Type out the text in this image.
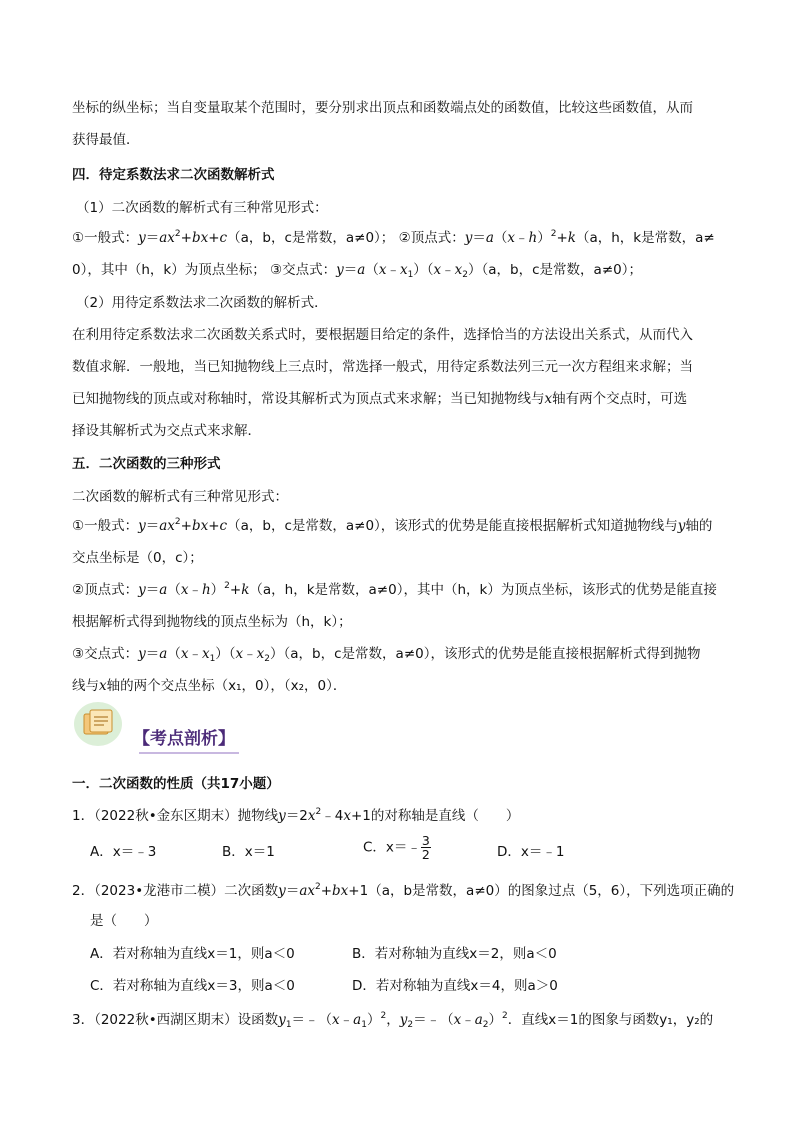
坐标的纵坐标；当自变量取某个范围时，要分别求出顶点和函数端点处的函数值，比较这些函数值，从而
获得最值．
四．待定系数法求二次函数解析式
（1）二次函数的解析式有三种常见形式：
①一般式：$y=ax^2+bx+c(a$，b，c是常数，a≠0）； ②顶点式：y＝a（x﹣h）$^2$+k（a，h，k是常数，a≠
0），其中（h，k）为顶点坐标； ③交点式：$y=a(x﹣x_1)(x﹣x_2)(a$，b，c是常数，a≠0）；
（2）用待定系数法求二次函数的解析式．
在利用待定系数法求二次函数关系式时，要根据题目给定的条件，选择恰当的方法设出关系式，从而代入
数值求解．一般地，当已知抛物线上三点时，常选择一般式，用待定系数法列三元一次方程组来求解；当
已知抛物线的顶点或对称轴时，常设其解析式为顶点式来求解；当已知抛物线与x轴有两个交点时，可选
择设其解析式为交点式来求解．
五．二次函数的三种形式
二次函数的解析式有三种常见形式：
①一般式：$y=ax^2+bx+c(a$，b，c是常数，a≠0），该形式的优势是能直接根据解析式知道抛物线与y轴的
交点坐标是（0，c）；
②顶点式：y＝a（x﹣h）$^2$+k（a，h，k是常数，a≠0），其中（h，k）为顶点坐标，该形式的优势是能直接
根据解析式得到抛物线的顶点坐标为（h，k）；
③交点式：$y=a(x﹣x_1)(x﹣x_2)(a$，b，c是常数，a≠0），该形式的优势是能直接根据解析式得到抛物
线与x轴的两个交点坐标（x₁，0），（x₂，0）．
【考点剖析】
一．二次函数的性质（共17小题）
1．（2022秋•金东区期末）抛物线$y=2x^2﹣4x+1$的对称轴是直线（　　）
A．x＝﹣3	B．x＝1	C．x＝﹣ $\frac{3}{2}$	D．x＝﹣1
2．（2023•龙港市二模）二次函数$y=ax^2+bx+1(a$，b是常数，a≠0）的图象过点（5，6），下列选项正确的
是（　　）
A．若对称轴为直线x＝1，则a＜0	B．若对称轴为直线x＝2，则a＜0
C．若对称轴为直线x＝3，则a＜0	D．若对称轴为直线x＝4，则a＞0
3．（2022秋•西湖区期末）设函数$y_1=﹣(x﹣a_1)^2$，$y_2=﹣(x﹣a_2)^2$．直线x＝1的图象与函数y₁，y₂的
